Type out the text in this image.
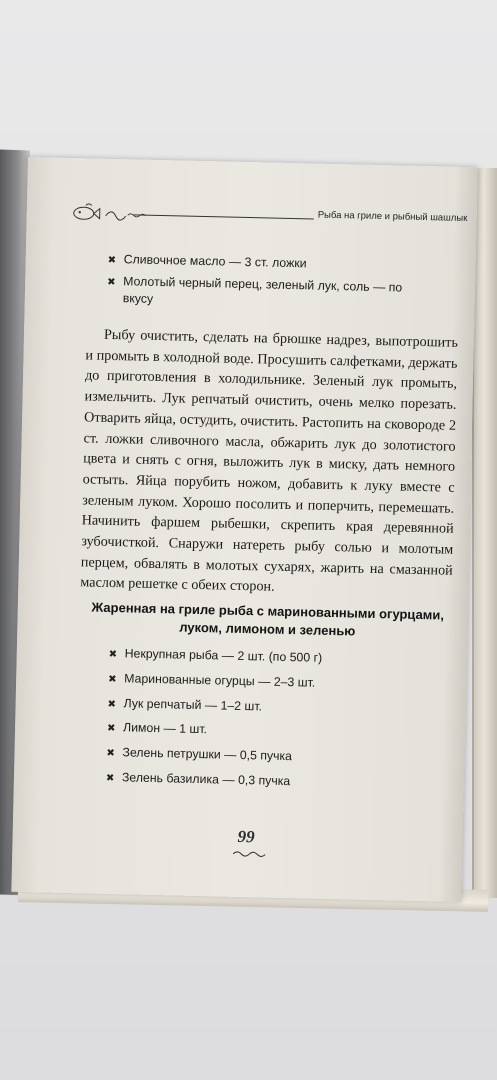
Рыба на гриле и рыбный шашлык
✖ Сливочное масло — 3 ст. ложки
✖ Молотый черный перец, зеленый лук, соль — по вкусу

Рыбу очистить, сделать на брюшке надрез, выпотрошить и промыть в холодной воде. Просушить салфетками, держать до приготовления в холодильнике. Зеленый лук промыть, измельчить. Лук репчатый очистить, очень мелко порезать. Отварить яйца, остудить, очистить. Растопить на сковороде 2 ст. ложки сливочного масла, обжарить лук до золотистого цвета и снять с огня, выложить лук в миску, дать немного остыть. Яйца порубить ножом, добавить к луку вместе с зеленым луком. Хорошо посолить и поперчить, перемешать. Начинить фаршем рыбешки, скрепить края деревянной зубочисткой. Снаружи натереть рыбу солью и молотым перцем, обвалять в молотых сухарях, жарить на смазанной маслом решетке с обеих сторон.

Жаренная на гриле рыба с маринованными огурцами, луком, лимоном и зеленью

✖ Некрупная рыба — 2 шт. (по 500 г)
✖ Маринованные огурцы — 2–3 шт.
✖ Лук репчатый — 1–2 шт.
✖ Лимон — 1 шт.
✖ Зелень петрушки — 0,5 пучка
✖ Зелень базилика — 0,3 пучка
99
